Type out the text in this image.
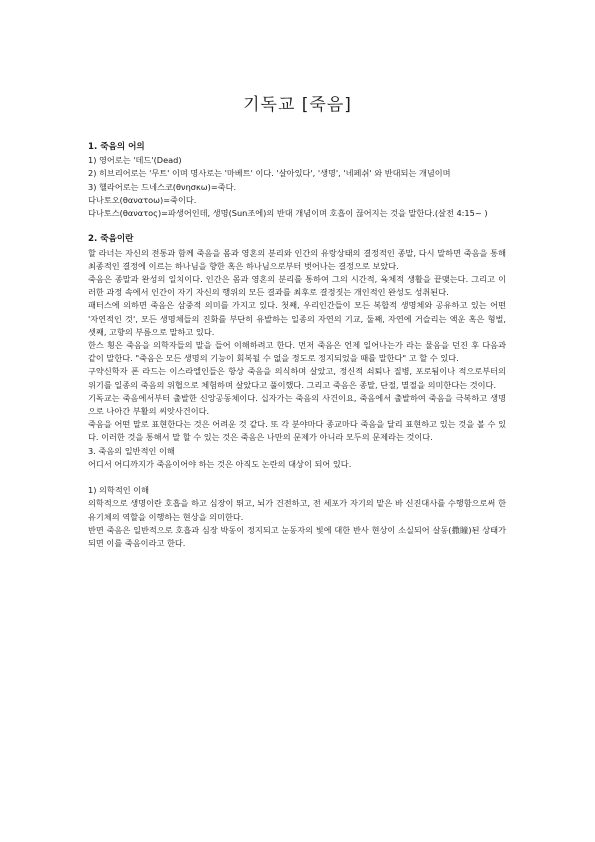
기독교 [죽음]

1. 죽음의 어의

1) 영어로는 '데드'(Dead)

2) 히브리어로는 '무트' 이며 명사로는 '마베트' 이다. '살아있다', '생명', '네페쉬' 와 반대되는 개념이며

3) 헬라어로는 드네스코(θνησκω)=죽다.

다나토오(θανατοω)=죽이다.

다나토스(θανατος)=파생어인데, 생명(Sun조에)의 반대 개념이며 호흡이 끊어지는 것을 말한다.(살전 4:15~ )

2. 죽음이란

할 라너는 자신의 전통과 함께 죽음을 몸과 영혼의 분리와 인간의 유랑상태의 결정적인 종말, 다시 말하면 죽음을 통해 최종적인 결정에 이르는 하나님을 향한 혹은 하나님으로부터 벗어나는 결정으로 보았다.

죽음은 종말과 완성의 일치이다. 인간은 몸과 영혼의 분리를 통하여 그의 시간적, 육체적 생활을 끝맺는다. 그리고 이러한 과정 속에서 인간이 자기 자신의 행위의 모든 결과를 최후로 결정짓는 개인적인 완성도 성취된다.

패터스에 의하면 죽음은 삼중적 의미를 가지고 있다. 첫째, 우리인간들이 모든 복합적 생명체와 공유하고 있는 어떤 '자연적인 것', 모든 생명체들의 진화를 부단히 유발하는 일종의 자연의 기교, 둘째, 자연에 거슬리는 액운 혹은 형벌, 셋째, 고향의 부름으로 말하고 있다.

한스 횡은 죽음을 의학자들의 말을 들어 이해하려고 한다. 먼저 죽음은 언제 일어나는가 라는 물음을 던진 후 다음과 같이 말한다. "죽음은 모든 생명의 기능이 회복될 수 없을 정도로 정지되었을 때를 말한다" 고 할 수 있다.

구약신학자 폰 라드는 이스라엘인들은 항상 죽음을 의식하며 살았고, 정신적 쇠퇴나 질병, 포로됨이나 적으로부터의 위기를 일종의 죽음의 위협으로 체험하며 살았다고 풀이했다. 그리고 죽음은 종말, 단절, 멸절을 의미한다는 것이다.

기독교는 죽음에서부터 출발한 신앙공동체이다. 십자가는 죽음의 사건이요, 죽음에서 출발하여 죽음을 극복하고 생명으로 나아간 부활의 씨앗사건이다.

죽음을 어떤 말로 표현한다는 것은 어려운 것 같다. 또 각 분야마다 종교마다 죽음을 달리 표현하고 있는 것을 볼 수 있다. 이러한 것을 통해서 말 할 수 있는 것은 죽음은 나만의 문제가 아니라 모두의 문제라는 것이다.

3. 죽음의 일반적인 이해

어디서 어디까지가 죽음이어야 하는 것은 아직도 논란의 대상이 되어 있다.

1) 의학적인 이해

의학적으로 생명이란 호흡을 하고 심장이 뛰고, 뇌가 건전하고, 전 세포가 자기의 맡은 바 신진대사를 수행함으로써 한 유기체의 역할을 이행하는 현상을 의미한다.

반면 죽음은 일반적으로 호흡과 심장 박동이 정지되고 눈동자의 빛에 대한 반사 현상이 소실되어 살동(撒瞳)된 상태가 되면 이를 죽음이라고 한다.
